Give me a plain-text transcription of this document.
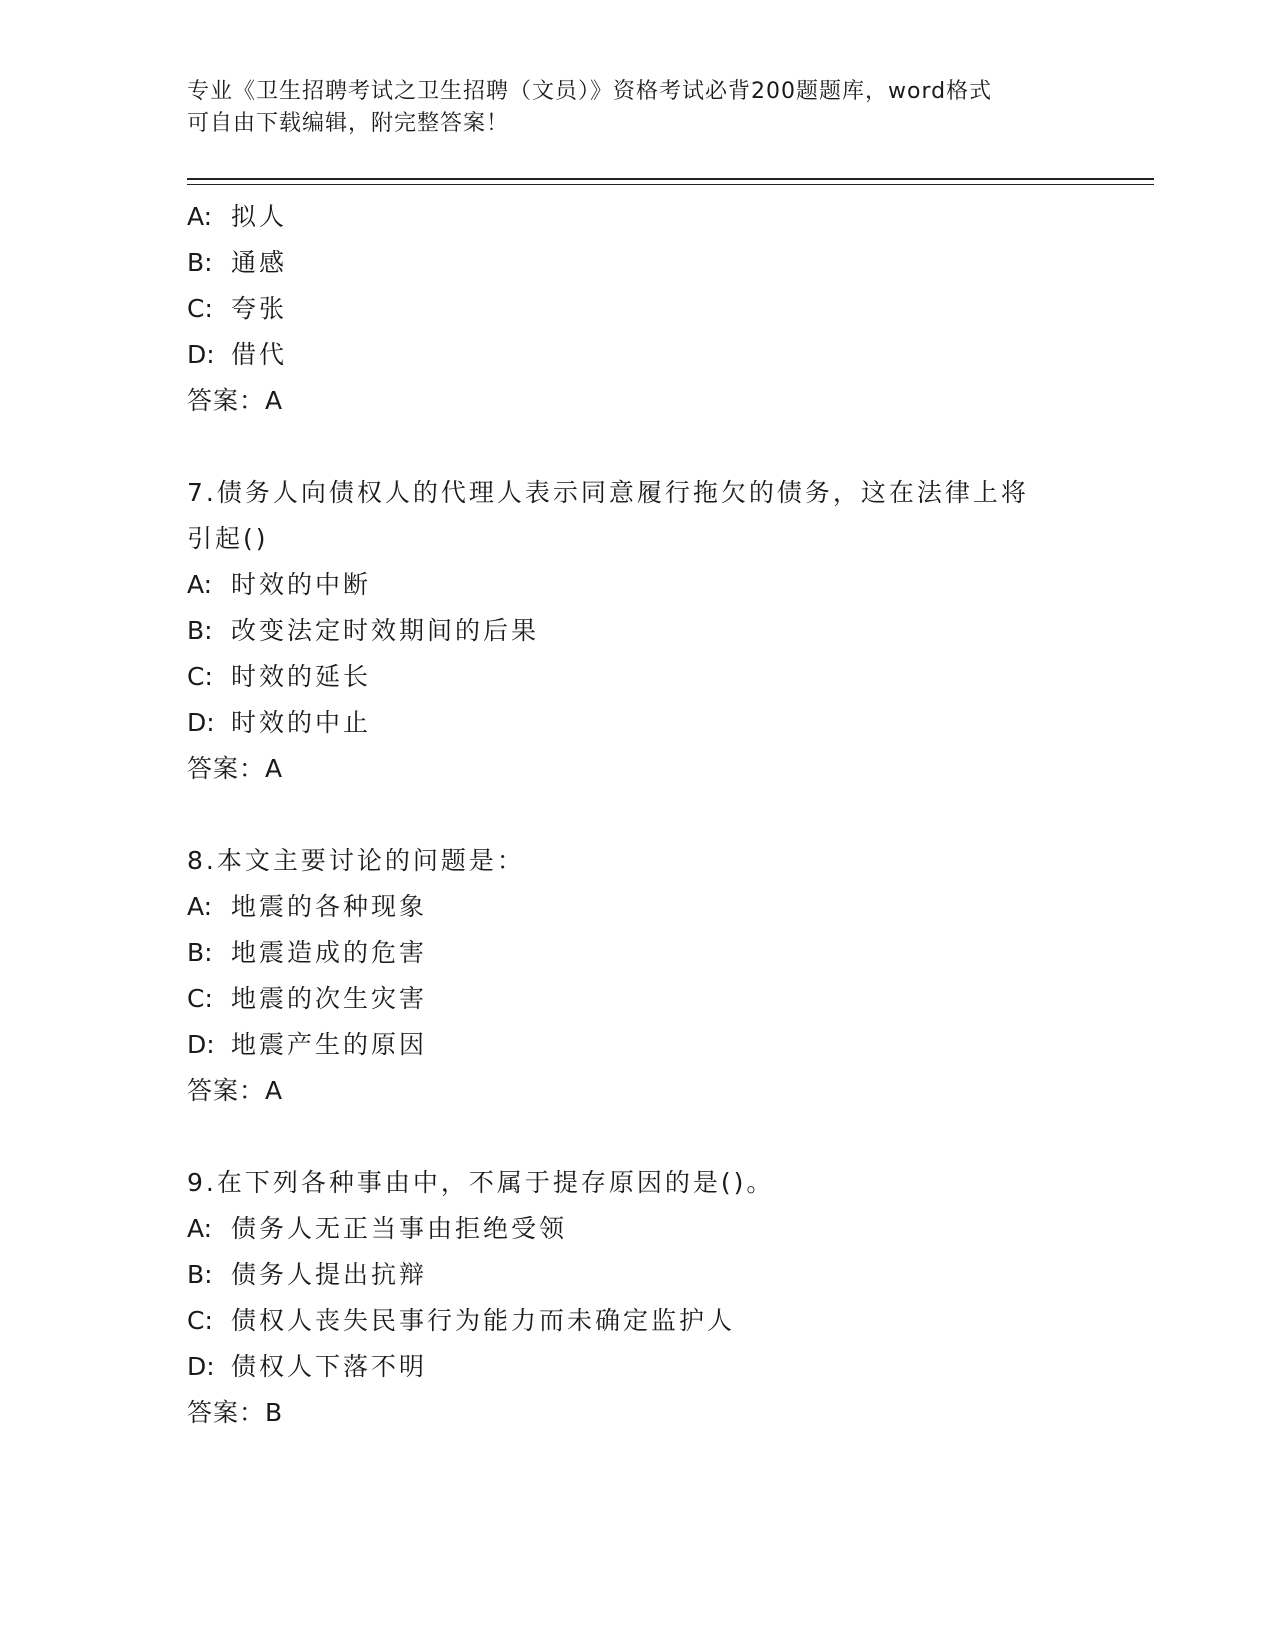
专业《卫生招聘考试之卫生招聘（文员）》资格考试必背200题题库，word格式
可自由下载编辑，附完整答案！
A: 拟人
B: 通感
C: 夸张
D: 借代
答案：A
7.债务人向债权人的代理人表示同意履行拖欠的债务，这在法律上将
引起()
A: 时效的中断
B: 改变法定时效期间的后果
C: 时效的延长
D: 时效的中止
答案：A
8.本文主要讨论的问题是：
A: 地震的各种现象
B: 地震造成的危害
C: 地震的次生灾害
D: 地震产生的原因
答案：A
9.在下列各种事由中，不属于提存原因的是()。
A: 债务人无正当事由拒绝受领
B: 债务人提出抗辩
C: 债权人丧失民事行为能力而未确定监护人
D: 债权人下落不明
答案：B
